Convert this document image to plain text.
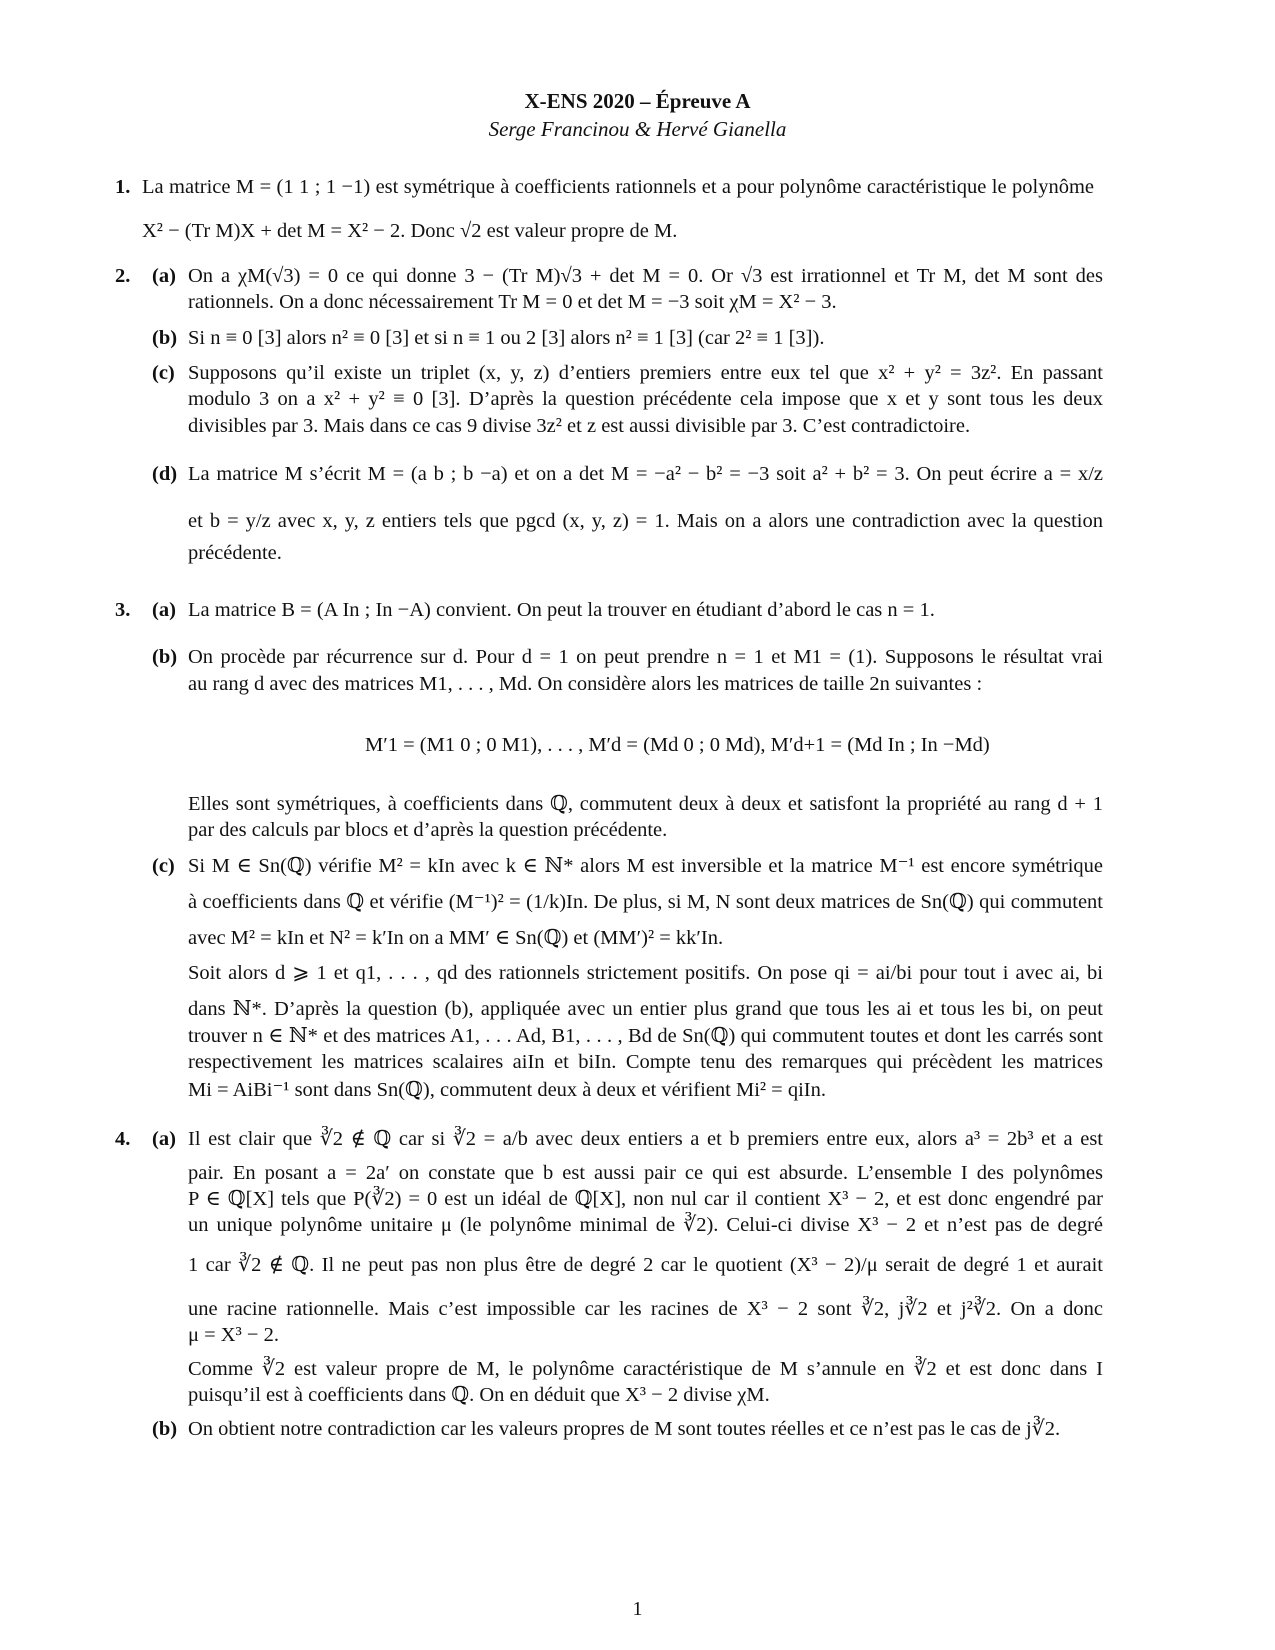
X-ENS 2020 – Épreuve A
Serge Francinou & Hervé Gianella
1. La matrice M = (1 1 ; 1 −1) est symétrique à coefficients rationnels et a pour polynôme caractéristique le polynôme
X² − (Tr M)X + det M = X² − 2. Donc √2 est valeur propre de M.
2. (a) On a χM(√3) = 0 ce qui donne 3 − (Tr M)√3 + det M = 0. Or √3 est irrationnel et Tr M, det M sont des
rationnels. On a donc nécessairement Tr M = 0 et det M = −3 soit χM = X² − 3.
(b) Si n ≡ 0 [3] alors n² ≡ 0 [3] et si n ≡ 1 ou 2 [3] alors n² ≡ 1 [3] (car 2² ≡ 1 [3]).
(c) Supposons qu’il existe un triplet (x, y, z) d’entiers premiers entre eux tel que x² + y² = 3z². En passant
modulo 3 on a x² + y² ≡ 0 [3]. D’après la question précédente cela impose que x et y sont tous les deux
divisibles par 3. Mais dans ce cas 9 divise 3z² et z est aussi divisible par 3. C’est contradictoire.
(d) La matrice M s’écrit M = (a b ; b −a) et on a det M = −a² − b² = −3 soit a² + b² = 3. On peut écrire a = x/z
et b = y/z avec x, y, z entiers tels que pgcd (x, y, z) = 1. Mais on a alors une contradiction avec la question
précédente.
3. (a) La matrice B = (A In ; In −A) convient. On peut la trouver en étudiant d’abord le cas n = 1.
(b) On procède par récurrence sur d. Pour d = 1 on peut prendre n = 1 et M1 = (1). Supposons le résultat vrai
au rang d avec des matrices M1, . . . , Md. On considère alors les matrices de taille 2n suivantes :
M′1 = (M1 0 ; 0 M1), . . . , M′d = (Md 0 ; 0 Md), M′d+1 = (Md In ; In −Md)
Elles sont symétriques, à coefficients dans ℚ, commutent deux à deux et satisfont la propriété au rang d + 1
par des calculs par blocs et d’après la question précédente.
(c) Si M ∈ Sn(ℚ) vérifie M² = kIn avec k ∈ ℕ* alors M est inversible et la matrice M⁻¹ est encore symétrique
à coefficients dans ℚ et vérifie (M⁻¹)² = (1/k)In. De plus, si M, N sont deux matrices de Sn(ℚ) qui commutent
avec M² = kIn et N² = k′In on a MM′ ∈ Sn(ℚ) et (MM′)² = kk′In.
Soit alors d ⩾ 1 et q1, . . . , qd des rationnels strictement positifs. On pose qi = ai/bi pour tout i avec ai, bi
dans ℕ*. D’après la question (b), appliquée avec un entier plus grand que tous les ai et tous les bi, on peut
trouver n ∈ ℕ* et des matrices A1, . . . Ad, B1, . . . , Bd de Sn(ℚ) qui commutent toutes et dont les carrés sont
respectivement les matrices scalaires aiIn et biIn. Compte tenu des remarques qui précèdent les matrices
Mi = AiBi⁻¹ sont dans Sn(ℚ), commutent deux à deux et vérifient Mi² = qiIn.
4. (a) Il est clair que ∛2 ∉ ℚ car si ∛2 = a/b avec deux entiers a et b premiers entre eux, alors a³ = 2b³ et a est
pair. En posant a = 2a′ on constate que b est aussi pair ce qui est absurde. L’ensemble I des polynômes
P ∈ ℚ[X] tels que P(∛2) = 0 est un idéal de ℚ[X], non nul car il contient X³ − 2, et est donc engendré par
un unique polynôme unitaire μ (le polynôme minimal de ∛2). Celui-ci divise X³ − 2 et n’est pas de degré
1 car ∛2 ∉ ℚ. Il ne peut pas non plus être de degré 2 car le quotient (X³ − 2)/μ serait de degré 1 et aurait
une racine rationnelle. Mais c’est impossible car les racines de X³ − 2 sont ∛2, j∛2 et j²∛2. On a donc
μ = X³ − 2.
Comme ∛2 est valeur propre de M, le polynôme caractéristique de M s’annule en ∛2 et est donc dans I
puisqu’il est à coefficients dans ℚ. On en déduit que X³ − 2 divise χM.
(b) On obtient notre contradiction car les valeurs propres de M sont toutes réelles et ce n’est pas le cas de j∛2.
1
